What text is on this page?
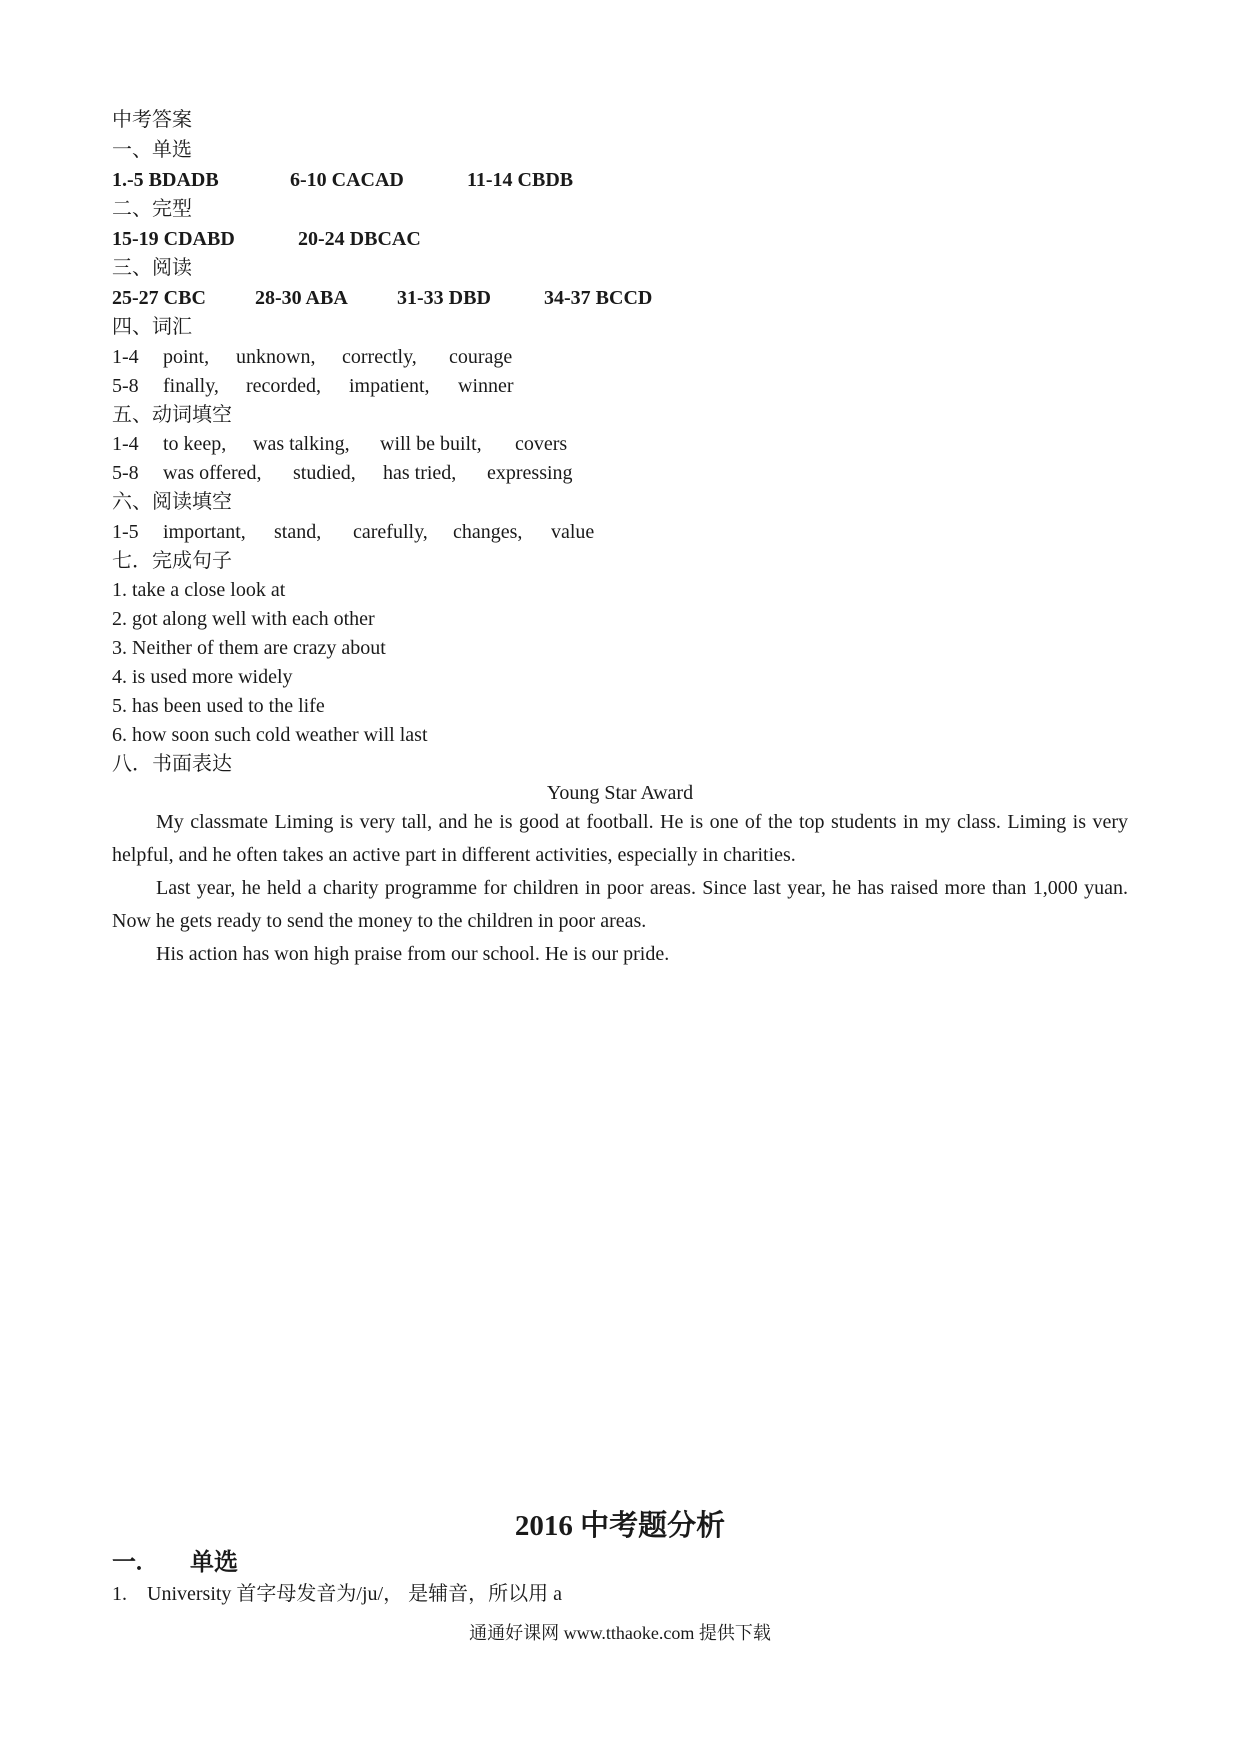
中考答案
一、单选
1.-5 BDADB	6-10 CACAD	11-14 CBDB
二、完型
15-19 CDABD	20-24 DBCAC
三、阅读
25-27 CBC 28-30 ABA 31-33 DBD	34-37 BCCD
四、词汇
1-4 point, unknown, correctly, courage
5-8 finally, recorded, impatient, winner
五、动词填空
1-4 to keep, was talking, will be built, covers
5-8 was offered, studied, has tried, expressing
六、阅读填空
1-5 important, stand, carefully, changes, value
七．完成句子
1. take a close look at
2. got along well with each other
3. Neither of them are crazy about
4. is used more widely
5. has been used to the life
6. how soon such cold weather will last
八．书面表达
Young Star Award
My classmate Liming is very tall, and he is good at football. He is one of the top students in my class. Liming is very helpful, and he often takes an active part in different activities, especially in charities.
Last year, he held a charity programme for children in poor areas. Since last year, he has raised more than 1,000 yuan. Now he gets ready to send the money to the children in poor areas.
His action has won high praise from our school. He is our pride.
2016 中考题分析
一.　　单选
1.　University 首字母发音为/ju/， 是辅音，所以用 a
通通好课网 www.tthaoke.com 提供下载
